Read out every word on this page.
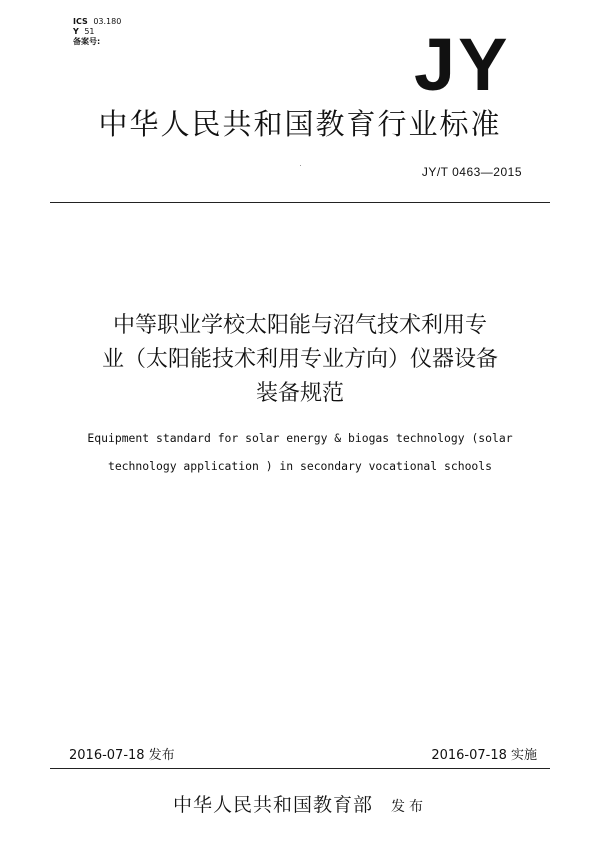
ICS 03.180
Y 51
备案号:	JY
中华人民共和国教育行业标准
JY/T 0463—2015
中等职业学校太阳能与沼气技术利用专
业（太阳能技术利用专业方向）仪器设备
装备规范
Equipment standard for solar energy & biogas technology (solar
technology application ) in secondary vocational schools
2016-07-18 发布	2016-07-18 实施
中华人民共和国教育部 发布
